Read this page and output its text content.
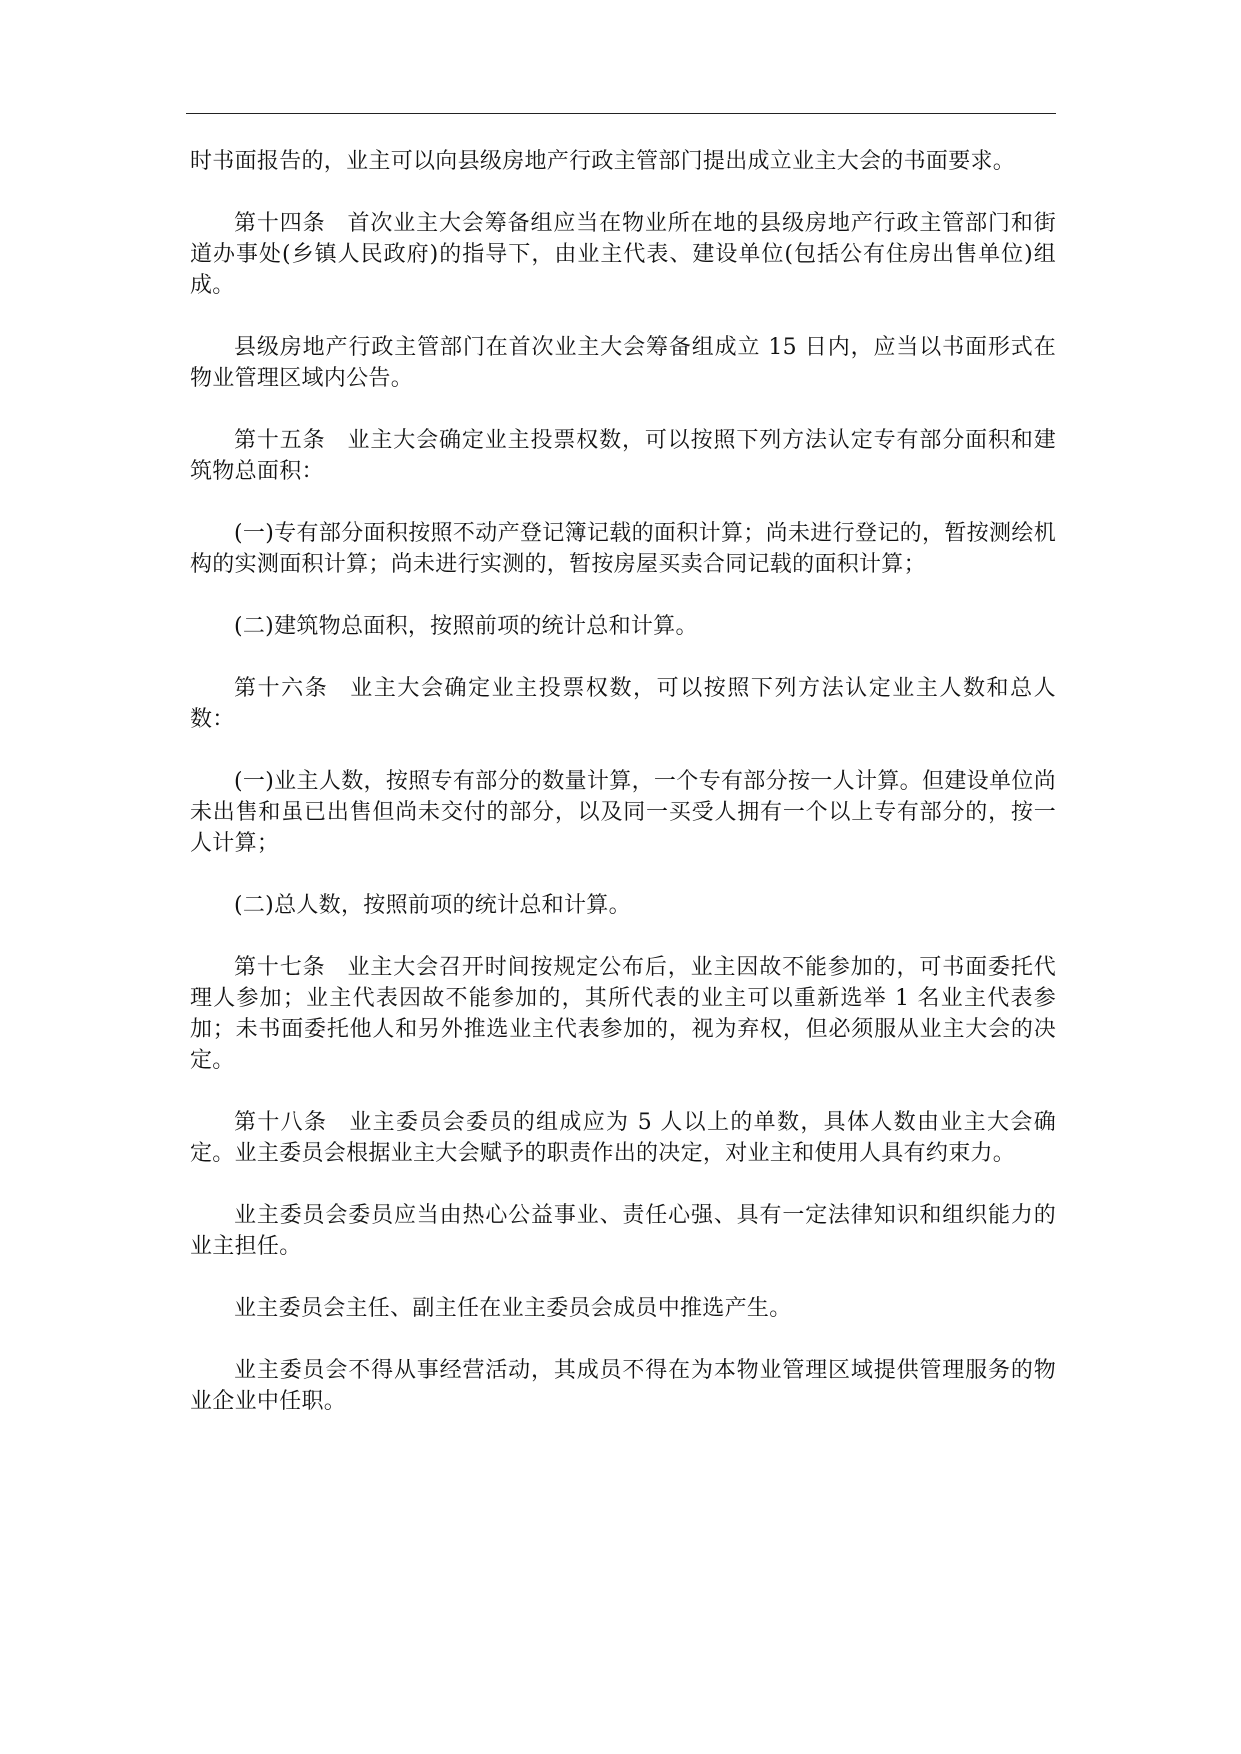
时书面报告的，业主可以向县级房地产行政主管部门提出成立业主大会的书面要求。

第十四条 首次业主大会筹备组应当在物业所在地的县级房地产行政主管部门和街道办事处(乡镇人民政府)的指导下，由业主代表、建设单位(包括公有住房出售单位)组成。

县级房地产行政主管部门在首次业主大会筹备组成立 15 日内，应当以书面形式在物业管理区域内公告。

第十五条 业主大会确定业主投票权数，可以按照下列方法认定专有部分面积和建筑物总面积：

(一)专有部分面积按照不动产登记簿记载的面积计算；尚未进行登记的，暂按测绘机构的实测面积计算；尚未进行实测的，暂按房屋买卖合同记载的面积计算；

(二)建筑物总面积，按照前项的统计总和计算。

第十六条 业主大会确定业主投票权数，可以按照下列方法认定业主人数和总人数：

(一)业主人数，按照专有部分的数量计算，一个专有部分按一人计算。但建设单位尚未出售和虽已出售但尚未交付的部分，以及同一买受人拥有一个以上专有部分的，按一人计算；

(二)总人数，按照前项的统计总和计算。

第十七条 业主大会召开时间按规定公布后，业主因故不能参加的，可书面委托代理人参加；业主代表因故不能参加的，其所代表的业主可以重新选举 1 名业主代表参加；未书面委托他人和另外推选业主代表参加的，视为弃权，但必须服从业主大会的决定。

第十八条 业主委员会委员的组成应为 5 人以上的单数，具体人数由业主大会确定。业主委员会根据业主大会赋予的职责作出的决定，对业主和使用人具有约束力。

业主委员会委员应当由热心公益事业、责任心强、具有一定法律知识和组织能力的业主担任。

业主委员会主任、副主任在业主委员会成员中推选产生。

业主委员会不得从事经营活动，其成员不得在为本物业管理区域提供管理服务的物业企业中任职。
